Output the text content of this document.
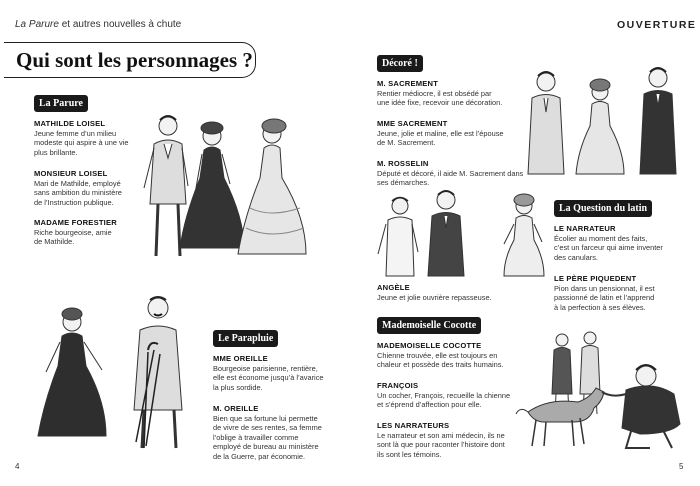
La Parure et autres nouvelles à chute	OUVERTURE
Qui sont les personnages ?
La Parure
MATHILDE LOISEL
Jeune femme d’un milieu
modeste qui aspire à une vie
plus brillante.
MONSIEUR LOISEL
Mari de Mathilde, employé
sans ambition du ministère
de l’Instruction publique.
MADAME FORESTIER
Riche bourgeoise, amie
de Mathilde.
Le Parapluie
MME OREILLE
Bourgeoise parisienne, rentière,
elle est économe jusqu’à l’avarice
la plus sordide.
M. OREILLE
Bien que sa fortune lui permette
de vivre de ses rentes, sa femme
l’oblige à travailler comme
employé de bureau au ministère
de la Guerre, par économie.
4
Décoré !
M. SACREMENT
Rentier médiocre, il est obsédé par
une idée fixe, recevoir une décoration.
MME SACREMENT
Jeune, jolie et maline, elle est l’épouse
de M. Sacrement.
M. ROSSELIN
Député et décoré, il aide M. Sacrement dans
ses démarches.
ANGÈLE
Jeune et jolie ouvrière repasseuse.
La Question du latin
LE NARRATEUR
Écolier au moment des faits,
c’est un farceur qui aime inventer
des canulars.
LE PÈRE PIQUEDENT
Pion dans un pensionnat, il est
passionné de latin et l’apprend
à la perfection à ses élèves.
Mademoiselle Cocotte
MADEMOISELLE COCOTTE
Chienne trouvée, elle est toujours en
chaleur et possède des traits humains.
FRANÇOIS
Un cocher, François, recueille la chienne
et s’éprend d’affection pour elle.
LES NARRATEURS
Le narrateur et son ami médecin, ils ne
sont là que pour raconter l’histoire dont
ils sont les témoins.
5
